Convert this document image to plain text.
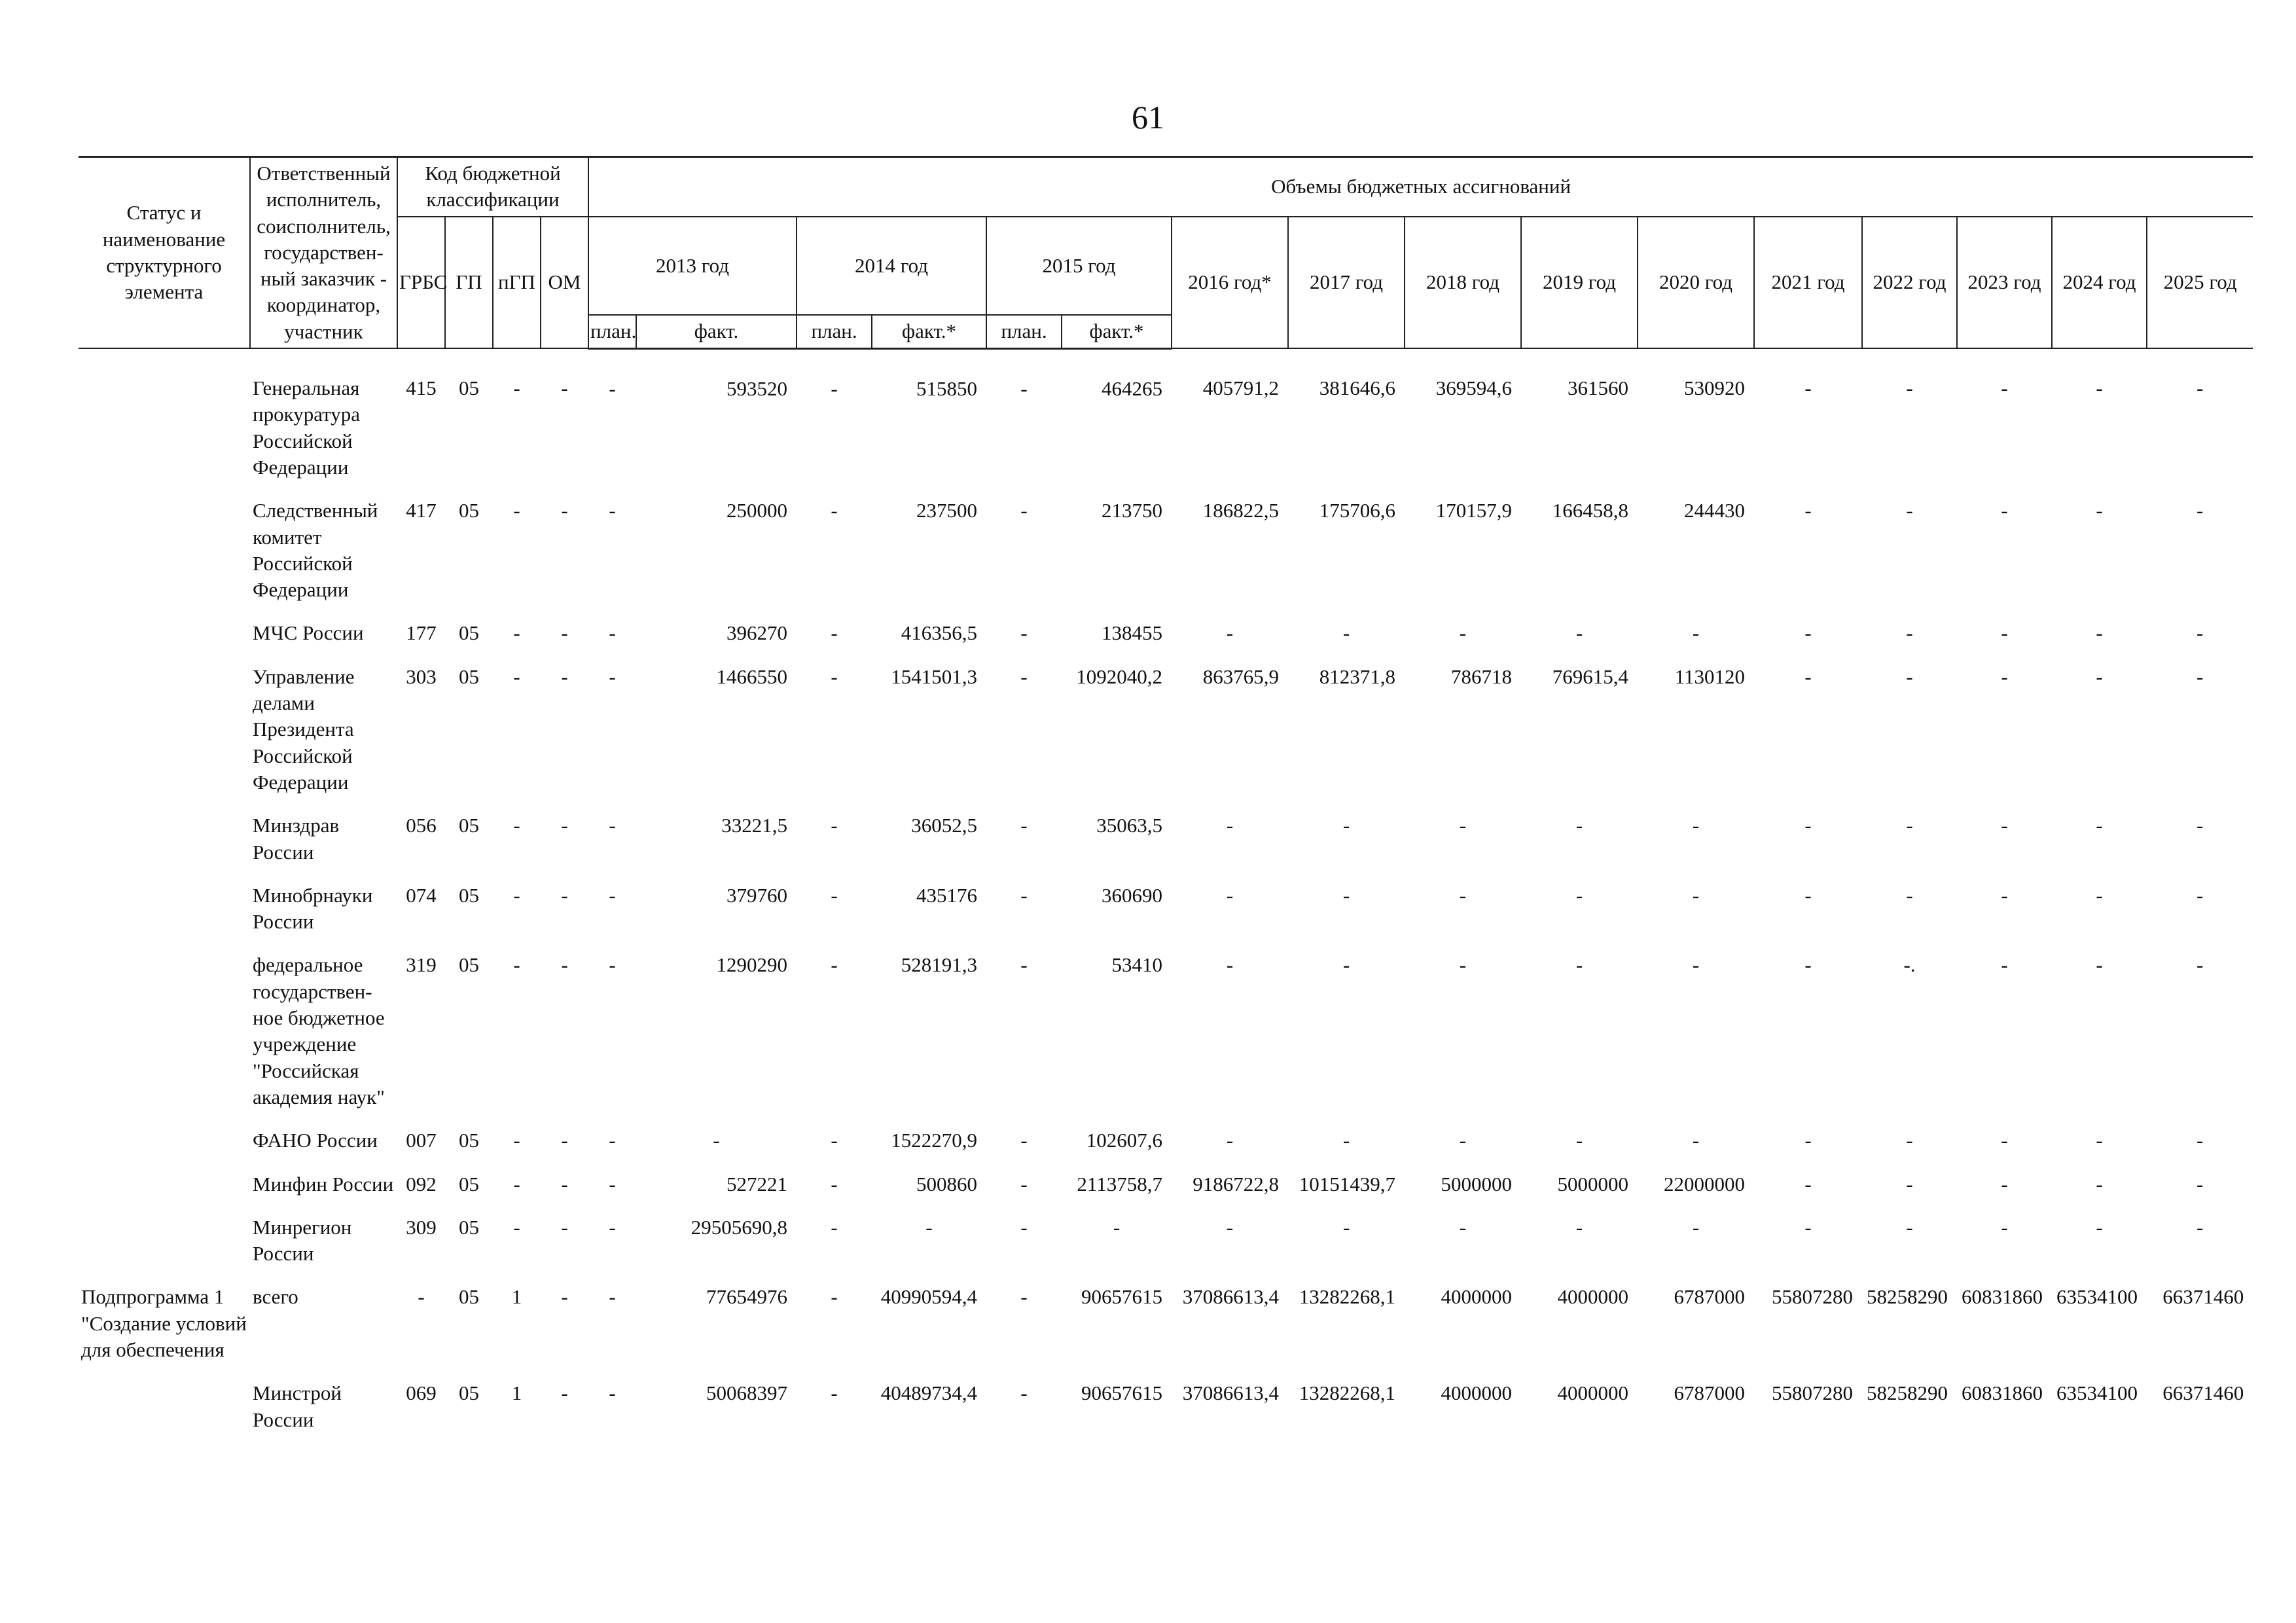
61
Статус и наименование структурного элемента	Ответственный исполнитель, соисполнитель, государствен-ный заказчик - координатор, участник	Код бюджетной классификации				Объемы бюджетных ассигнований															
		ГРБС	ГП	пГП	ОМ	2013 год		2014 год		2015 год		2016 год*	2017 год	2018 год	2019 год	2020 год	2021 год	2022 год	2023 год	2024 год	2025 год
						план.	факт.	план.	факт.*	план.	факт.*										
	Генеральная прокуратура Российской Федерации	415	05	-	-	-	593520	-	515850	-	464265	405791,2	381646,6	369594,6	361560	530920	-	-	-	-	-
	Следственный комитет Российской Федерации	417	05	-	-	-	250000	-	237500	-	213750	186822,5	175706,6	170157,9	166458,8	244430	-	-	-	-	-
	МЧС России	177	05	-	-	-	396270	-	416356,5	-	138455	-	-	-	-	-	-	-	-	-	-
	Управление делами Президента Российской Федерации	303	05	-	-	-	1466550	-	1541501,3	-	1092040,2	863765,9	812371,8	786718	769615,4	1130120	-	-	-	-	-
	Минздрав России	056	05	-	-	-	33221,5	-	36052,5	-	35063,5	-	-	-	-	-	-	-	-	-	-
	Минобрнауки России	074	05	-	-	-	379760	-	435176	-	360690	-	-	-	-	-	-	-	-	-	-
	федеральное государствен-ное бюджетное учреждение "Российская академия наук"	319	05	-	-	-	1290290	-	528191,3	-	53410	-	-	-	-	-	-	-.	-	-	-
	ФАНО России	007	05	-	-	-	-	-	1522270,9	-	102607,6	-	-	-	-	-	-	-	-	-	-
	Минфин России	092	05	-	-	-	527221	-	500860	-	2113758,7	9186722,8	10151439,7	5000000	5000000	22000000	-	-	-	-	-
	Минрегион России	309	05	-	-	-	29505690,8	-	-	-	-	-	-	-	-	-	-	-	-	-	-
Подпрограмма 1 "Создание условий для обеспечения	всего	-	05	1	-	-	77654976	-	40990594,4	-	90657615	37086613,4	13282268,1	4000000	4000000	6787000	55807280	58258290	60831860	63534100	66371460
	Минстрой России	069	05	1	-	-	50068397	-	40489734,4	-	90657615	37086613,4	13282268,1	4000000	4000000	6787000	55807280	58258290	60831860	63534100	66371460
